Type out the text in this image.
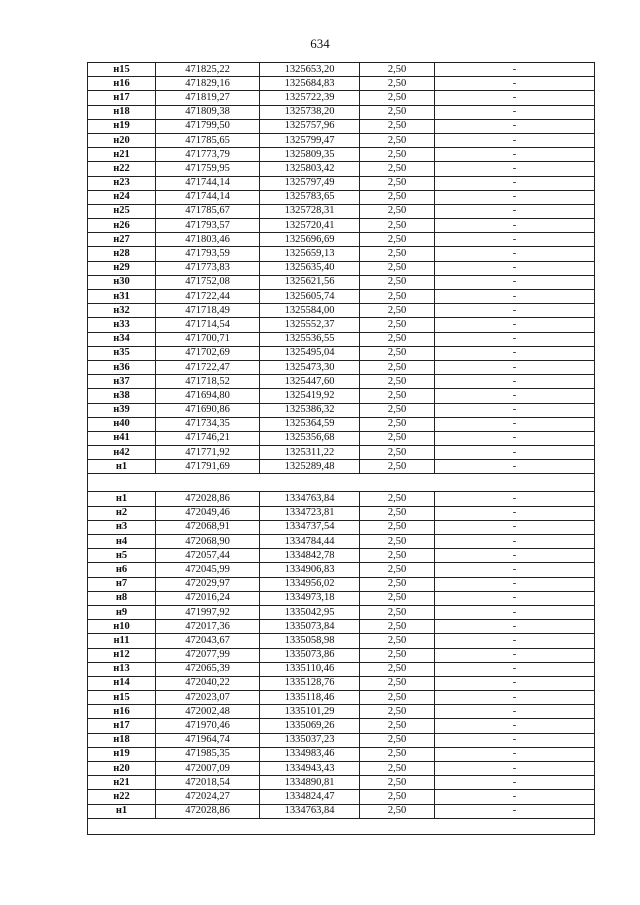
634
н15	471825,22	1325653,20	2,50	-
н16	471829,16	1325684,83	2,50	-
н17	471819,27	1325722,39	2,50	-
н18	471809,38	1325738,20	2,50	-
н19	471799,50	1325757,96	2,50	-
н20	471785,65	1325799,47	2,50	-
н21	471773,79	1325809,35	2,50	-
н22	471759,95	1325803,42	2,50	-
н23	471744,14	1325797,49	2,50	-
н24	471744,14	1325783,65	2,50	-
н25	471785,67	1325728,31	2,50	-
н26	471793,57	1325720,41	2,50	-
н27	471803,46	1325696,69	2,50	-
н28	471793,59	1325659,13	2,50	-
н29	471773,83	1325635,40	2,50	-
н30	471752,08	1325621,56	2,50	-
н31	471722,44	1325605,74	2,50	-
н32	471718,49	1325584,00	2,50	-
н33	471714,54	1325552,37	2,50	-
н34	471700,71	1325536,55	2,50	-
н35	471702,69	1325495,04	2,50	-
н36	471722,47	1325473,30	2,50	-
н37	471718,52	1325447,60	2,50	-
н38	471694,80	1325419,92	2,50	-
н39	471690,86	1325386,32	2,50	-
н40	471734,35	1325364,59	2,50	-
н41	471746,21	1325356,68	2,50	-
н42	471771,92	1325311,22	2,50	-
н1	471791,69	1325289,48	2,50	-

н1	472028,86	1334763,84	2,50	-
н2	472049,46	1334723,81	2,50	-
н3	472068,91	1334737,54	2,50	-
н4	472068,90	1334784,44	2,50	-
н5	472057,44	1334842,78	2,50	-
н6	472045,99	1334906,83	2,50	-
н7	472029,97	1334956,02	2,50	-
н8	472016,24	1334973,18	2,50	-
н9	471997,92	1335042,95	2,50	-
н10	472017,36	1335073,84	2,50	-
н11	472043,67	1335058,98	2,50	-
н12	472077,99	1335073,86	2,50	-
н13	472065,39	1335110,46	2,50	-
н14	472040,22	1335128,76	2,50	-
н15	472023,07	1335118,46	2,50	-
н16	472002,48	1335101,29	2,50	-
н17	471970,46	1335069,26	2,50	-
н18	471964,74	1335037,23	2,50	-
н19	471985,35	1334983,46	2,50	-
н20	472007,09	1334943,43	2,50	-
н21	472018,54	1334890,81	2,50	-
н22	472024,27	1334824,47	2,50	-
н1	472028,86	1334763,84	2,50	-
